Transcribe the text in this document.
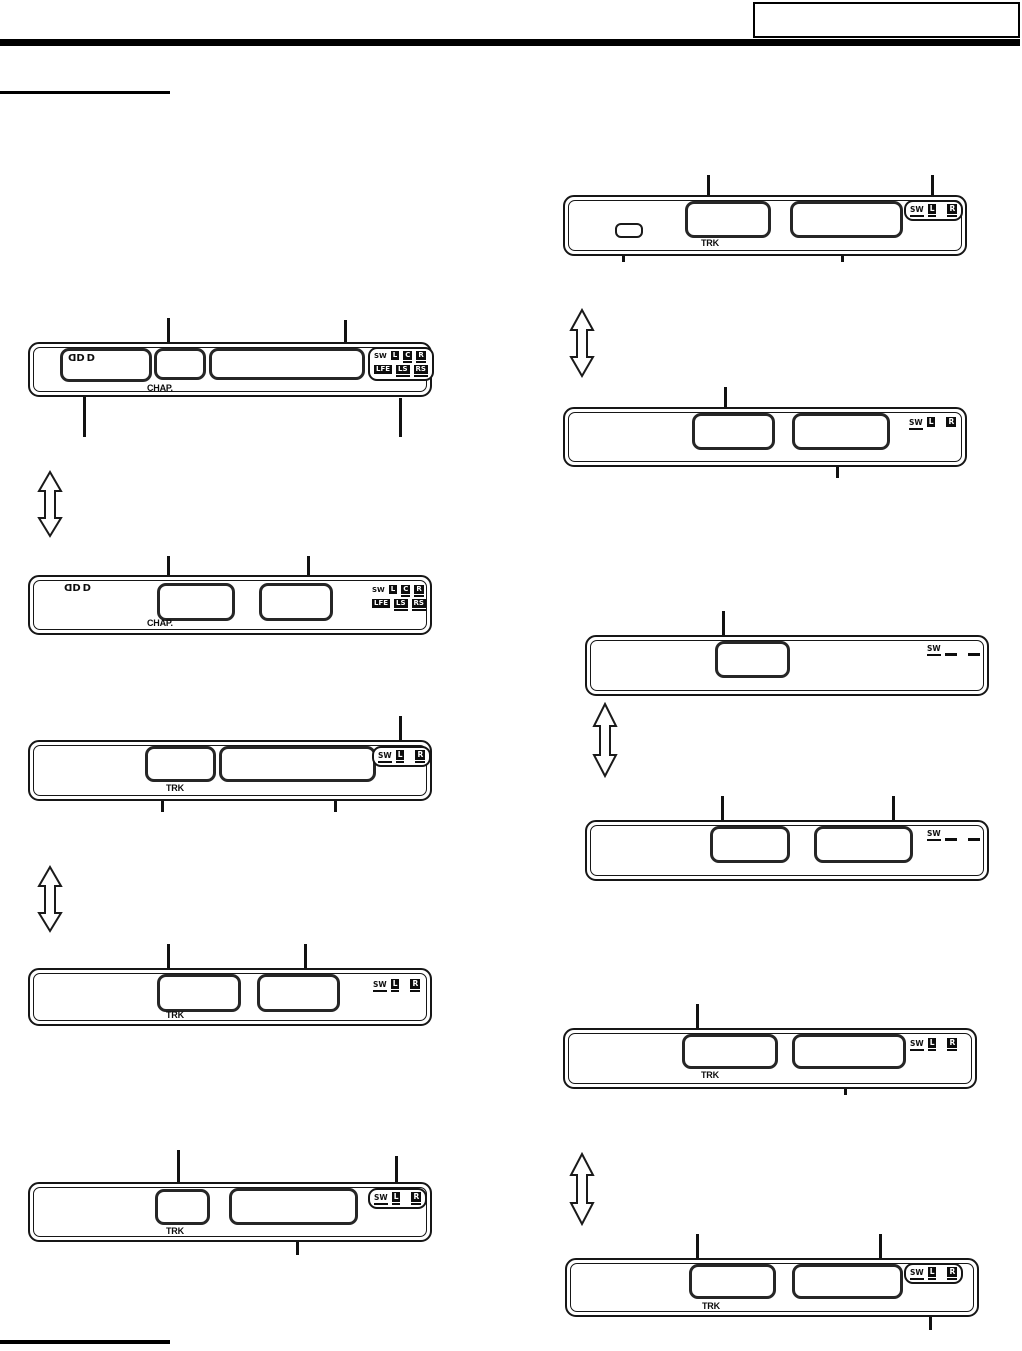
D D D	SW L C R
LFE LS RS
CHAP.
D D D	SW L C R
LFE LS RS
CHAP.
SW L R
TRK
SW L R
TRK
SW L R
TRK
SW L R
TRK
SW L R
SW
SW
SW L R
TRK
SW L R
TRK
